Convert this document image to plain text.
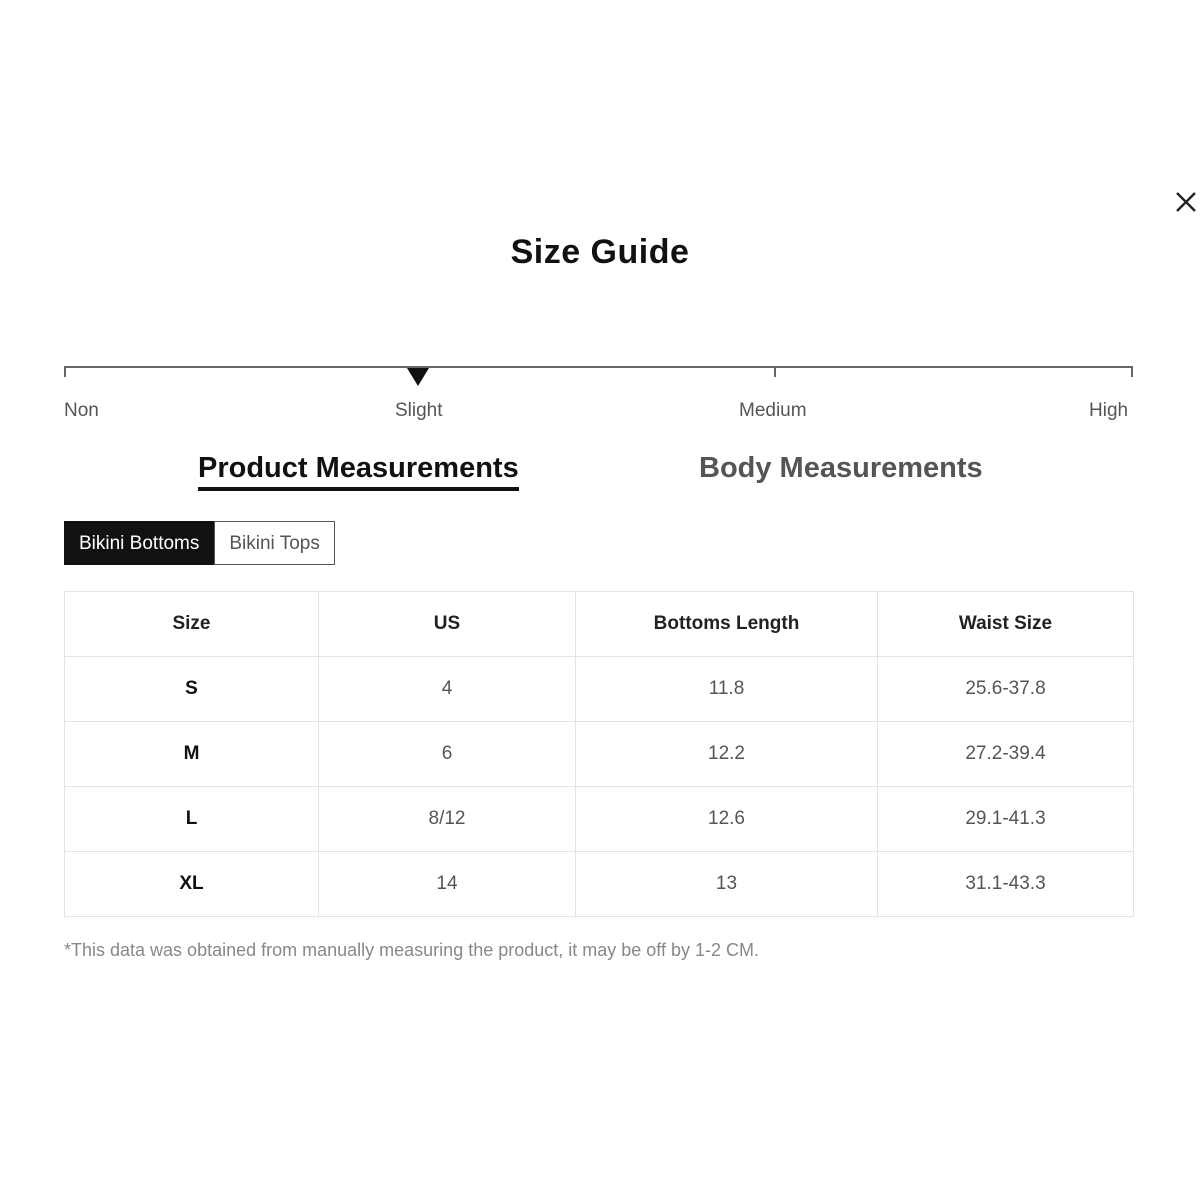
Size Guide
Non	Slight	Medium	High
Product Measurements	Body Measurements
Bikini Bottoms	Bikini Tops
Size	US	Bottoms Length	Waist Size
S	4	11.8	25.6-37.8
M	6	12.2	27.2-39.4
L	8/12	12.6	29.1-41.3
XL	14	13	31.1-43.3
*This data was obtained from manually measuring the product, it may be off by 1-2 CM.
